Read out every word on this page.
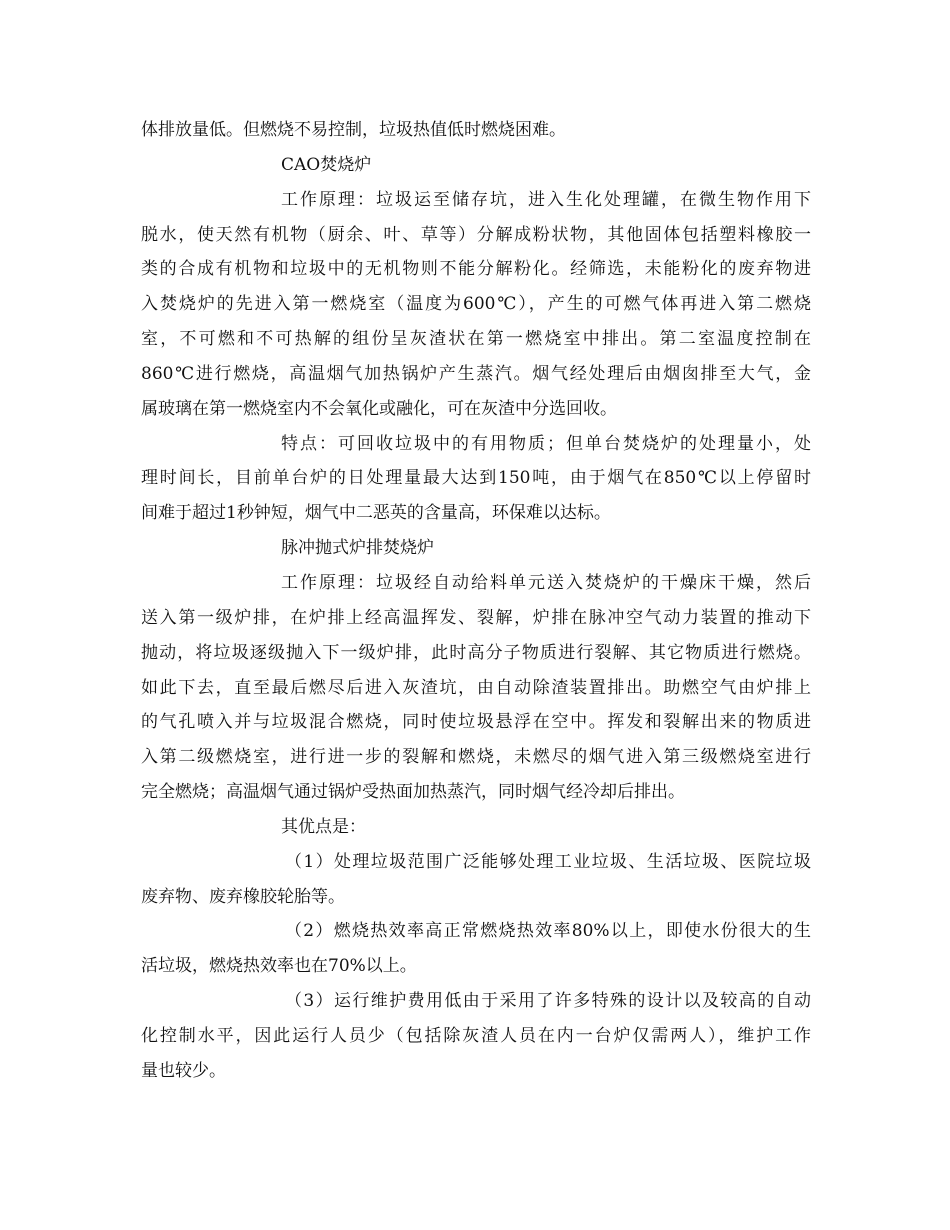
体排放量低。但燃烧不易控制，垃圾热值低时燃烧困难。
CAO焚烧炉
工作原理：垃圾运至储存坑，进入生化处理罐，在微生物作用下
脱水，使天然有机物（厨余、叶、草等）分解成粉状物，其他固体包括塑料橡胶一
类的合成有机物和垃圾中的无机物则不能分解粉化。经筛选，未能粉化的废弃物进
入焚烧炉的先进入第一燃烧室（温度为600℃），产生的可燃气体再进入第二燃烧
室，不可燃和不可热解的组份呈灰渣状在第一燃烧室中排出。第二室温度控制在
860℃进行燃烧，高温烟气加热锅炉产生蒸汽。烟气经处理后由烟囱排至大气，金
属玻璃在第一燃烧室内不会氧化或融化，可在灰渣中分选回收。
特点：可回收垃圾中的有用物质；但单台焚烧炉的处理量小，处
理时间长，目前单台炉的日处理量最大达到150吨，由于烟气在850℃以上停留时
间难于超过1秒钟短，烟气中二恶英的含量高，环保难以达标。
脉冲抛式炉排焚烧炉
工作原理：垃圾经自动给料单元送入焚烧炉的干燥床干燥，然后
送入第一级炉排，在炉排上经高温挥发、裂解，炉排在脉冲空气动力装置的推动下
抛动，将垃圾逐级抛入下一级炉排，此时高分子物质进行裂解、其它物质进行燃烧。
如此下去，直至最后燃尽后进入灰渣坑，由自动除渣装置排出。助燃空气由炉排上
的气孔喷入并与垃圾混合燃烧，同时使垃圾悬浮在空中。挥发和裂解出来的物质进
入第二级燃烧室，进行进一步的裂解和燃烧，未燃尽的烟气进入第三级燃烧室进行
完全燃烧；高温烟气通过锅炉受热面加热蒸汽，同时烟气经冷却后排出。
其优点是：
（1）处理垃圾范围广泛能够处理工业垃圾、生活垃圾、医院垃圾
废弃物、废弃橡胶轮胎等。
（2）燃烧热效率高正常燃烧热效率80%以上，即使水份很大的生
活垃圾，燃烧热效率也在70%以上。
（3）运行维护费用低由于采用了许多特殊的设计以及较高的自动
化控制水平，因此运行人员少（包括除灰渣人员在内一台炉仅需两人），维护工作
量也较少。
